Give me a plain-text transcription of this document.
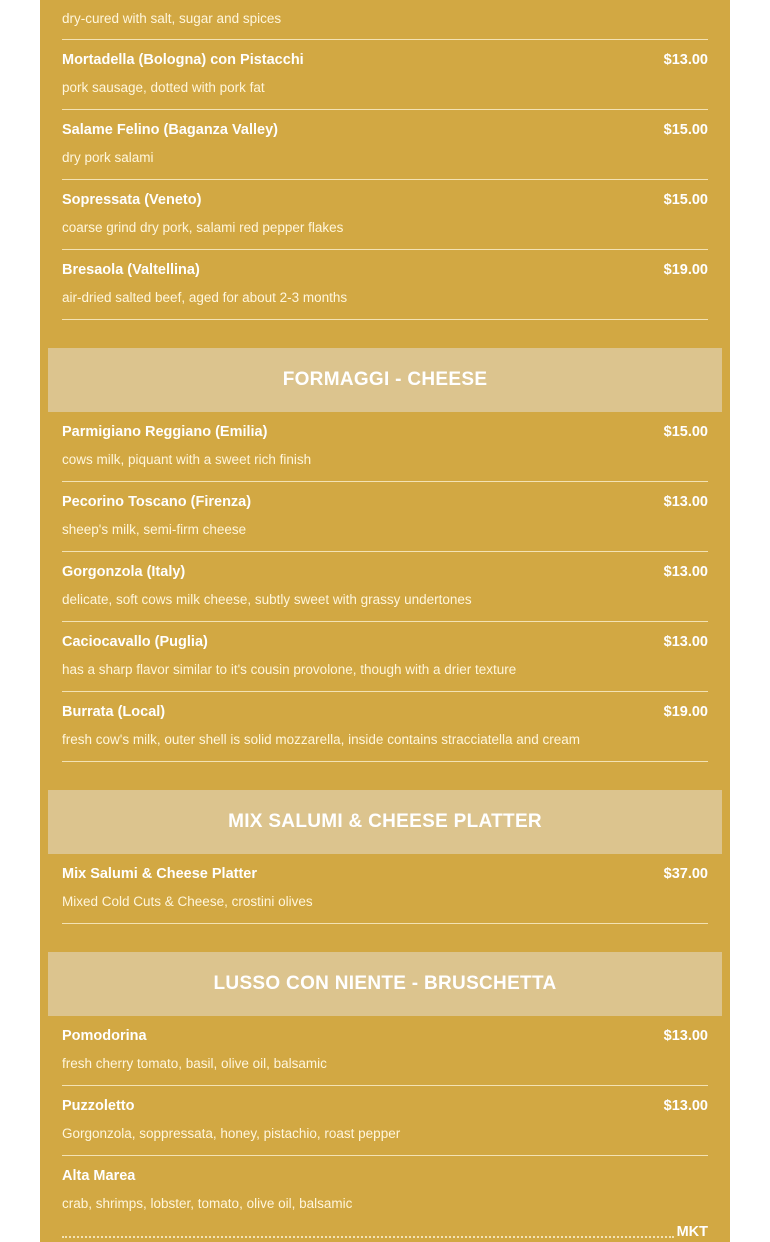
dry-cured with salt, sugar and spices
Mortadella (Bologna) con Pistacchi	$13.00
pork sausage, dotted with pork fat
Salame Felino (Baganza Valley)	$15.00
dry pork salami
Sopressata (Veneto)	$15.00
coarse grind dry pork, salami red pepper flakes
Bresaola (Valtellina)	$19.00
air-dried salted beef, aged for about 2-3 months
FORMAGGI - CHEESE
Parmigiano Reggiano (Emilia)	$15.00
cows milk, piquant with a sweet rich finish
Pecorino Toscano (Firenza)	$13.00
sheep's milk, semi-firm cheese
Gorgonzola (Italy)	$13.00
delicate, soft cows milk cheese, subtly sweet with grassy undertones
Caciocavallo (Puglia)	$13.00
has a sharp flavor similar to it's cousin provolone, though with a drier texture
Burrata (Local)	$19.00
fresh cow's milk, outer shell is solid mozzarella, inside contains stracciatella and cream
MIX SALUMI & CHEESE PLATTER
Mix Salumi & Cheese Platter	$37.00
Mixed Cold Cuts & Cheese, crostini olives
LUSSO CON NIENTE - BRUSCHETTA
Pomodorina	$13.00
fresh cherry tomato, basil, olive oil, balsamic
Puzzoletto	$13.00
Gorgonzola, soppressata, honey, pistachio, roast pepper
Alta Marea
crab, shrimps, lobster, tomato, olive oil, balsamic
MKT
